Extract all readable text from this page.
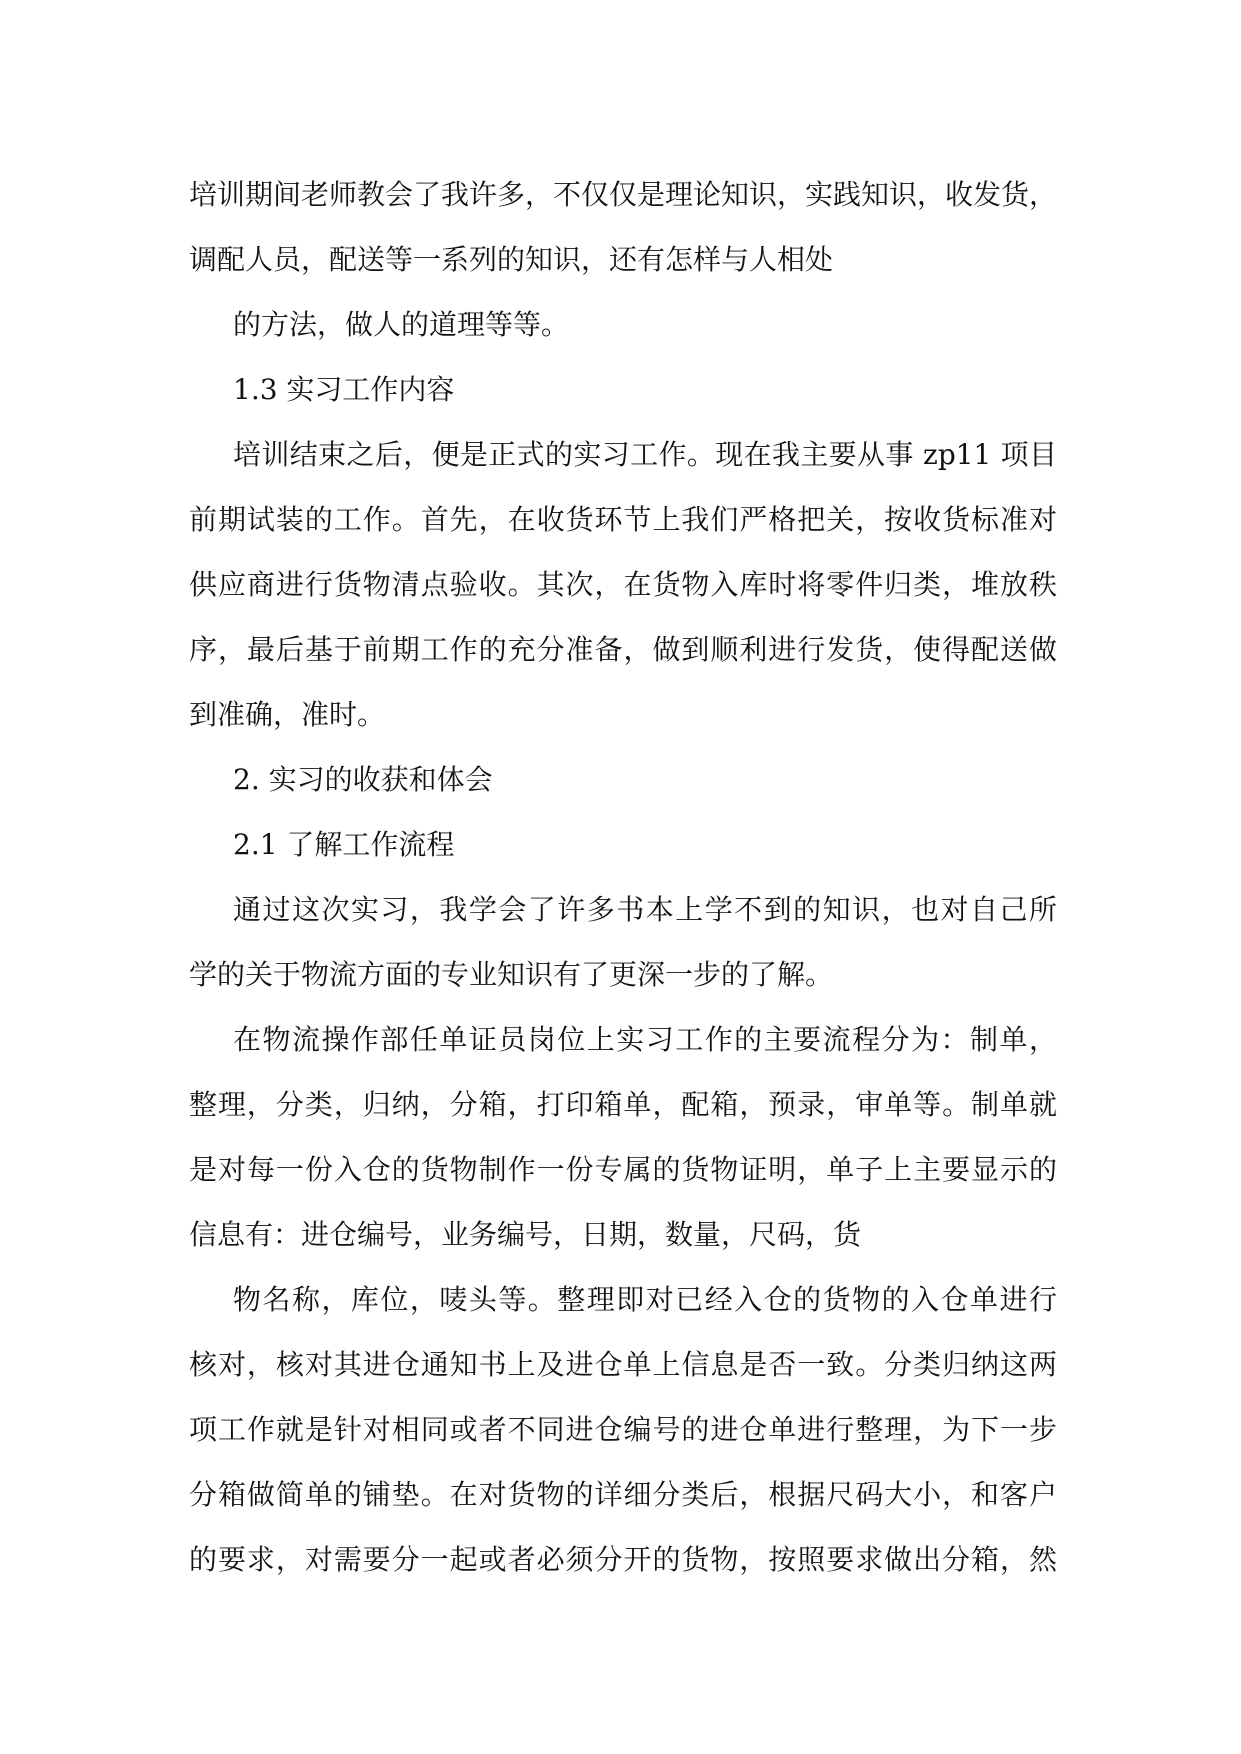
培训期间老师教会了我许多，不仅仅是理论知识，实践知识，收发货，
调配人员，配送等一系列的知识，还有怎样与人相处
的方法，做人的道理等等。
1.3 实习工作内容
培训结束之后，便是正式的实习工作。现在我主要从事 zp11 项目
前期试装的工作。首先，在收货环节上我们严格把关，按收货标准对
供应商进行货物清点验收。其次，在货物入库时将零件归类，堆放秩
序，最后基于前期工作的充分准备，做到顺利进行发货，使得配送做
到准确，准时。
2. 实习的收获和体会
2.1 了解工作流程
通过这次实习，我学会了许多书本上学不到的知识，也对自己所
学的关于物流方面的专业知识有了更深一步的了解。
在物流操作部任单证员岗位上实习工作的主要流程分为：制单，
整理，分类，归纳，分箱，打印箱单，配箱，预录，审单等。制单就
是对每一份入仓的货物制作一份专属的货物证明，单子上主要显示的
信息有：进仓编号，业务编号，日期，数量，尺码，货
物名称，库位，唛头等。整理即对已经入仓的货物的入仓单进行
核对，核对其进仓通知书上及进仓单上信息是否一致。分类归纳这两
项工作就是针对相同或者不同进仓编号的进仓单进行整理，为下一步
分箱做简单的铺垫。在对货物的详细分类后，根据尺码大小，和客户
的要求，对需要分一起或者必须分开的货物，按照要求做出分箱，然
